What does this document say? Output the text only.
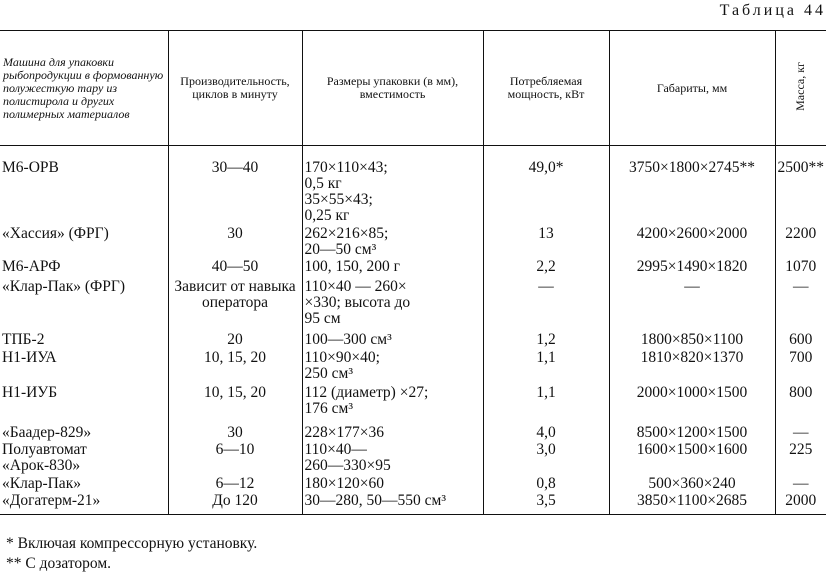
Таблица 44
Машина для упаковки рыбопродукции в формованную полужесткую тару из полистирола и других полимерных материалов	Производительность, циклов в минуту	Размеры упаковки (в мм), вместимость	Потребляемая мощность, кВт	Габариты, мм	Масса, кг
М6-ОРВ	30—40	170×110×43;
0,5 кг
35×55×43;
0,25 кг	49,0*	3750×1800×2745**	2500**
«Хассия» (ФРГ)	30	262×216×85;
20—50 см³	13	4200×2600×2000	2200
М6-АРФ	40—50	100, 150, 200 г	2,2	2995×1490×1820	1070
«Клар-Пак» (ФРГ)	Зависит от навыка оператора	110×40 — 260×
×330; высота до
95 см	—	—	—
ТПБ-2	20	100—300 см³	1,2	1800×850×1100	600
Н1-ИУА	10, 15, 20	110×90×40;
250 см³	1,1	1810×820×1370	700
Н1-ИУБ	10, 15, 20	112 (диаметр) ×27;
176 см³	1,1	2000×1000×1500	800
«Баадер-829»	30	228×177×36	4,0	8500×1200×1500	—
Полуавтомат
«Арок-830»	6—10	110×40—
260—330×95	3,0	1600×1500×1600	225
«Клар-Пак»	6—12	180×120×60	0,8	500×360×240	—
«Догатерм-21»	До 120	30—280, 50—550 см³	3,5	3850×1100×2685	2000
* Включая компрессорную установку.
** С дозатором.
